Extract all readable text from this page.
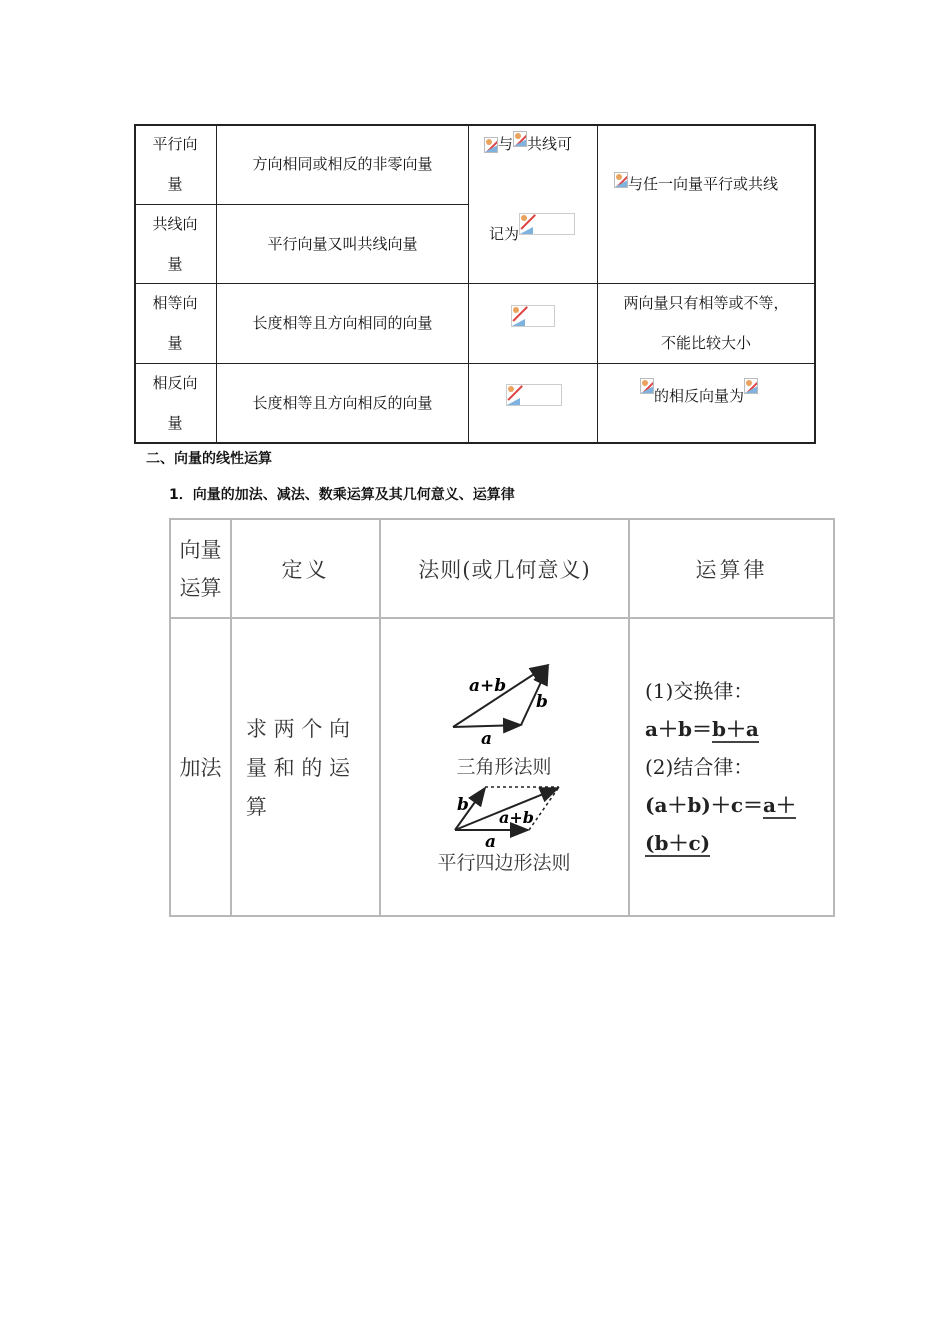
平行向
量
共线向
量
相等向
量
相反向
量
方向相同或相反的非零向量
平行向量又叫共线向量
长度相等且方向相同的向量
长度相等且方向相反的向量
与 共线可
记为
与任一向量平行或共线
两向量只有相等或不等，
不能比较大小
的相反向量为
二、向量的线性运算
1．向量的加法、减法、数乘运算及其几何意义、运算律
向量
运算
定义	法则(或几何意义)	运算律
加法
求 两 个 向
量 和 的 运
算
a+b
b
a
三角形法则
b
a+b
a
平行四边形法则
(1)交换律：
a＋b＝b＋a
(2)结合律：
(a＋b)＋c＝a＋
(b＋c)
